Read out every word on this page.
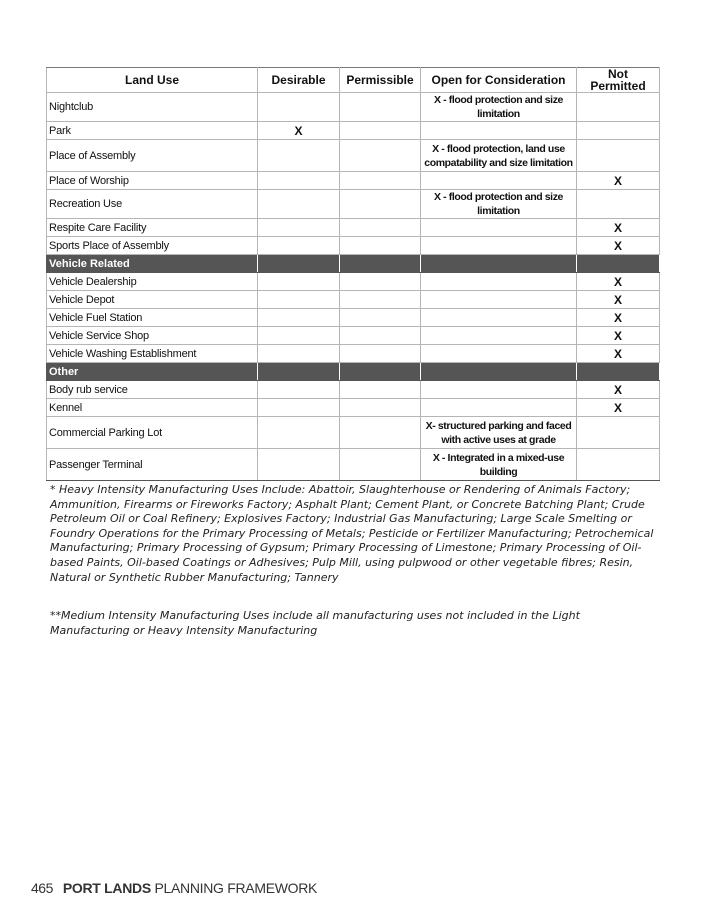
Land Use	Desirable	Permissible	Open for Consideration	Not Permitted
Nightclub			X - flood protection and size limitation	
Park	X			
Place of Assembly			X - flood protection, land use compatability and size limitation	
Place of Worship				X
Recreation Use			X - flood protection and size limitation	
Respite Care Facility				X
Sports Place of Assembly				X
Vehicle Related				
Vehicle Dealership				X
Vehicle Depot				X
Vehicle Fuel Station				X
Vehicle Service Shop				X
Vehicle Washing Establishment				X
Other				
Body rub service				X
Kennel				X
Commercial Parking Lot			X- structured parking and faced with active uses at grade	
Passenger Terminal			X - Integrated in a mixed-use building	

* Heavy Intensity Manufacturing Uses Include: Abattoir, Slaughterhouse or Rendering of Animals Factory; Ammunition, Firearms or Fireworks Factory; Asphalt Plant; Cement Plant, or Concrete Batching Plant; Crude Petroleum Oil or Coal Refinery; Explosives Factory; Industrial Gas Manufacturing; Large Scale Smelting or Foundry Operations for the Primary Processing of Metals; Pesticide or Fertilizer Manufacturing; Petrochemical Manufacturing; Primary Processing of Gypsum; Primary Processing of Limestone; Primary Processing of Oil-based Paints, Oil-based Coatings or Adhesives; Pulp Mill, using pulpwood or other vegetable fibres; Resin, Natural or Synthetic Rubber Manufacturing; Tannery

**Medium Intensity Manufacturing Uses include all manufacturing uses not included in the Light Manufacturing or Heavy Intensity Manufacturing

465 PORT LANDS PLANNING FRAMEWORK
